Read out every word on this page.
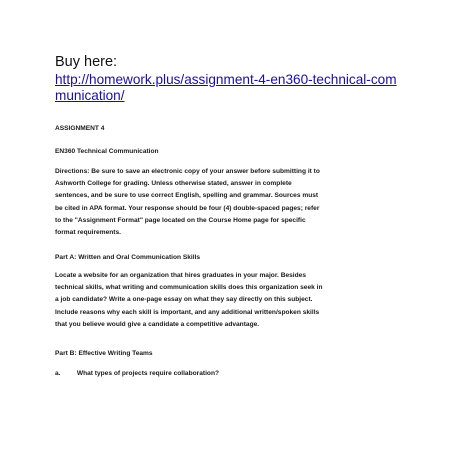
Buy here:

http://homework.plus/assignment-4-en360-technical-communication/

ASSIGNMENT 4

EN360 Technical Communication

Directions: Be sure to save an electronic copy of your answer before submitting it to
Ashworth College for grading. Unless otherwise stated, answer in complete
sentences, and be sure to use correct English, spelling and grammar. Sources must
be cited in APA format. Your response should be four (4) double-spaced pages; refer
to the "Assignment Format" page located on the Course Home page for specific
format requirements.

Part A: Written and Oral Communication Skills

Locate a website for an organization that hires graduates in your major. Besides
technical skills, what writing and communication skills does this organization seek in
a job candidate? Write a one-page essay on what they say directly on this subject.
Include reasons why each skill is important, and any additional written/spoken skills
that you believe would give a candidate a competitive advantage.

Part B: Effective Writing Teams

a. What types of projects require collaboration?
